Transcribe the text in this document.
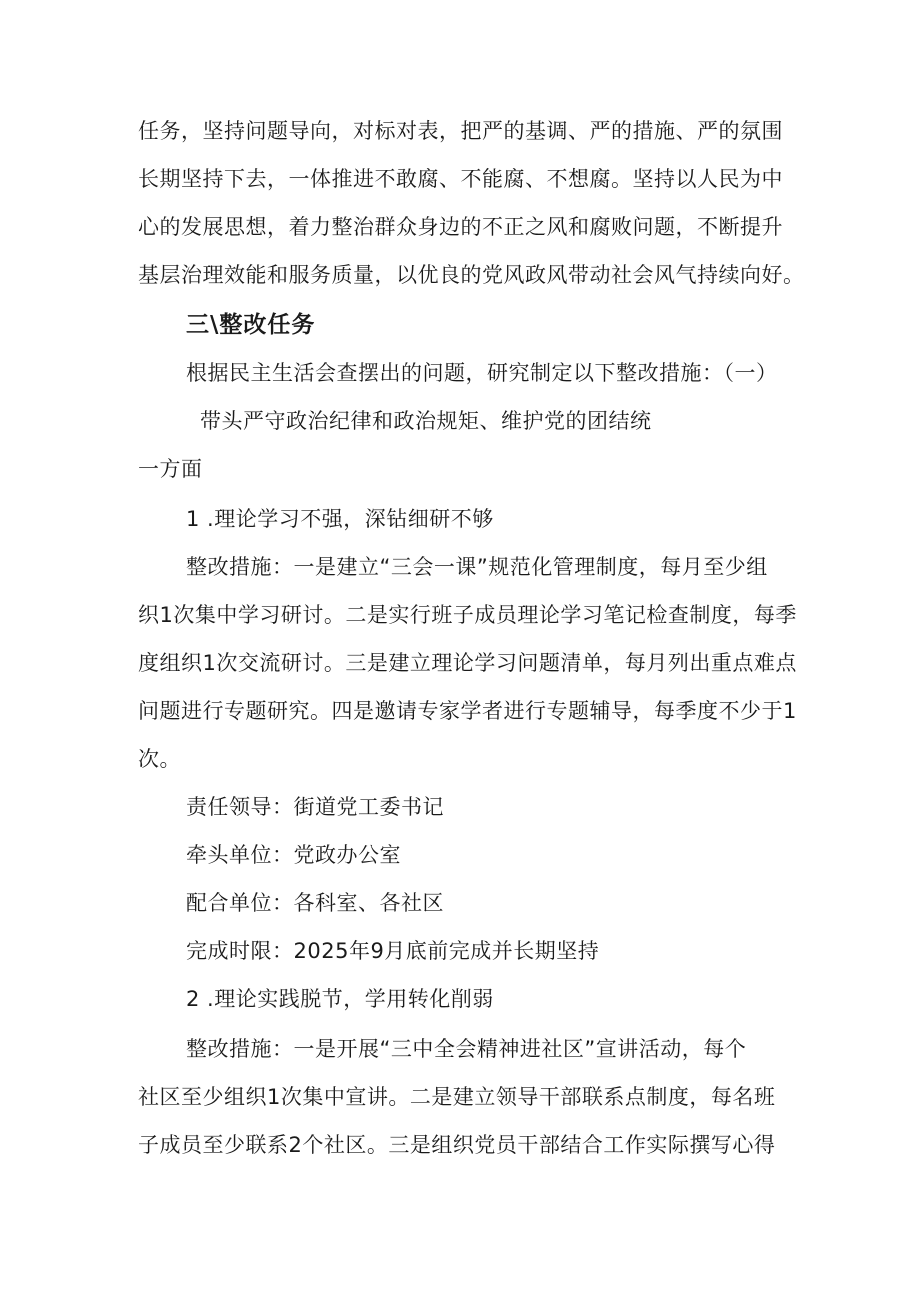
任务，坚持问题导向，对标对表，把严的基调、严的措施、严的氛围
长期坚持下去，一体推进不敢腐、不能腐、不想腐。坚持以人民为中
心的发展思想，着力整治群众身边的不正之风和腐败问题，不断提升
基层治理效能和服务质量，以优良的党风政风带动社会风气持续向好。
三\整改任务
根据民主生活会查摆出的问题，研究制定以下整改措施：（一）
带头严守政治纪律和政治规矩、维护党的团结统
一方面
1 .理论学习不强，深钻细研不够
整改措施：一是建立“三会一课”规范化管理制度，每月至少组
织1次集中学习研讨。二是实行班子成员理论学习笔记检查制度，每季
度组织1次交流研讨。三是建立理论学习问题清单，每月列出重点难点
问题进行专题研究。四是邀请专家学者进行专题辅导，每季度不少于1
次。
责任领导：街道党工委书记
牵头单位：党政办公室
配合单位：各科室、各社区
完成时限：2025年9月底前完成并长期坚持
2 .理论实践脱节，学用转化削弱
整改措施：一是开展“三中全会精神进社区”宣讲活动，每个
社区至少组织1次集中宣讲。二是建立领导干部联系点制度，每名班
子成员至少联系2个社区。三是组织党员干部结合工作实际撰写心得
